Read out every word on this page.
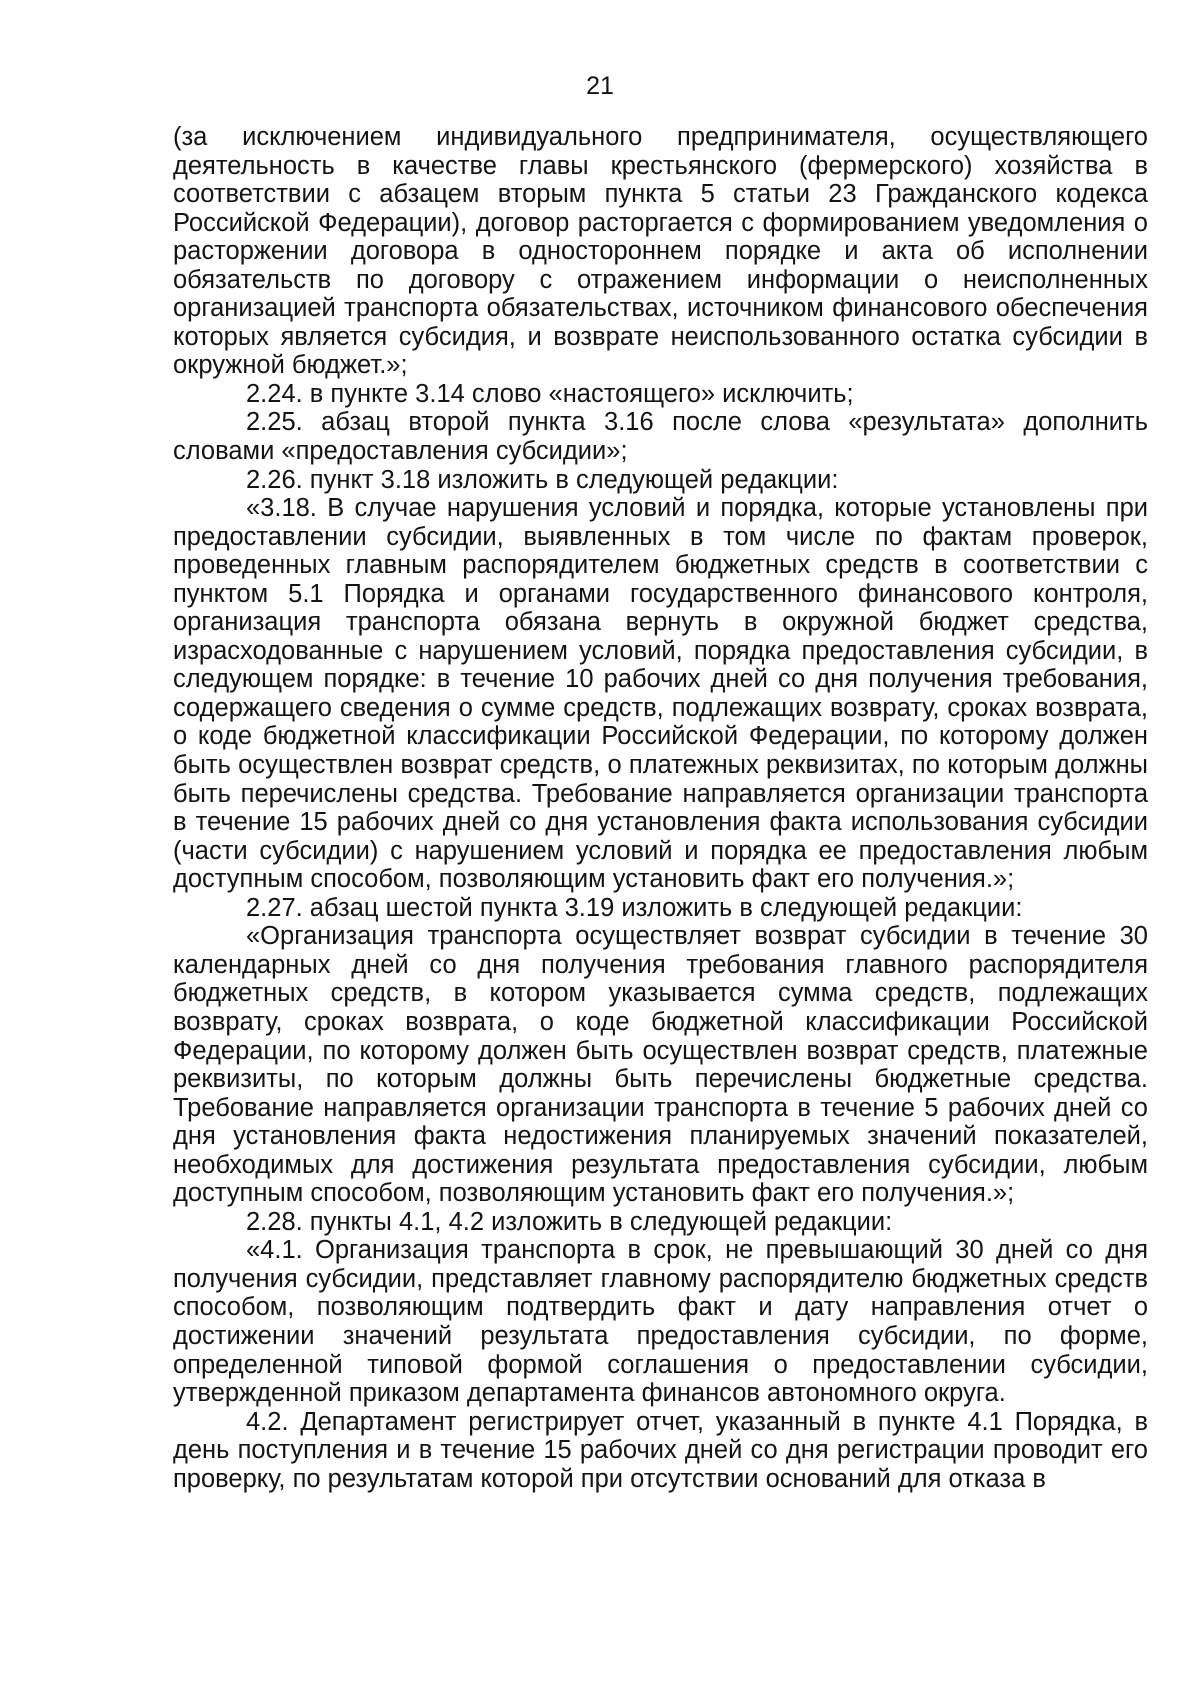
21

(за исключением индивидуального предпринимателя, осуществляющего деятельность в качестве главы крестьянского (фермерского) хозяйства в соответствии с абзацем вторым пункта 5 статьи 23 Гражданского кодекса Российской Федерации), договор расторгается с формированием уведомления о расторжении договора в одностороннем порядке и акта об исполнении обязательств по договору с отражением информации о неисполненных организацией транспорта обязательствах, источником финансового обеспечения которых является субсидия, и возврате неиспользованного остатка субсидии в окружной бюджет.»;

2.24. в пункте 3.14 слово «настоящего» исключить;

2.25. абзац второй пункта 3.16 после слова «результата» дополнить словами «предоставления субсидии»;

2.26. пункт 3.18 изложить в следующей редакции:

«3.18. В случае нарушения условий и порядка, которые установлены при предоставлении субсидии, выявленных в том числе по фактам проверок, проведенных главным распорядителем бюджетных средств в соответствии с пунктом 5.1 Порядка и органами государственного финансового контроля, организация транспорта обязана вернуть в окружной бюджет средства, израсходованные с нарушением условий, порядка предоставления субсидии, в следующем порядке: в течение 10 рабочих дней со дня получения требования, содержащего сведения о сумме средств, подлежащих возврату, сроках возврата, о коде бюджетной классификации Российской Федерации, по которому должен быть осуществлен возврат средств, о платежных реквизитах, по которым должны быть перечислены средства. Требование направляется организации транспорта в течение 15 рабочих дней со дня установления факта использования субсидии (части субсидии) с нарушением условий и порядка ее предоставления любым доступным способом, позволяющим установить факт его получения.»;

2.27. абзац шестой пункта 3.19 изложить в следующей редакции:

«Организация транспорта осуществляет возврат субсидии в течение 30 календарных дней со дня получения требования главного распорядителя бюджетных средств, в котором указывается сумма средств, подлежащих возврату, сроках возврата, о коде бюджетной классификации Российской Федерации, по которому должен быть осуществлен возврат средств, платежные реквизиты, по которым должны быть перечислены бюджетные средства. Требование направляется организации транспорта в течение 5 рабочих дней со дня установления факта недостижения планируемых значений показателей, необходимых для достижения результата предоставления субсидии, любым доступным способом, позволяющим установить факт его получения.»;

2.28. пункты 4.1, 4.2 изложить в следующей редакции:

«4.1. Организация транспорта в срок, не превышающий 30 дней со дня получения субсидии, представляет главному распорядителю бюджетных средств способом, позволяющим подтвердить факт и дату направления отчет о достижении значений результата предоставления субсидии, по форме, определенной типовой формой соглашения о предоставлении субсидии, утвержденной приказом департамента финансов автономного округа.

4.2. Департамент регистрирует отчет, указанный в пункте 4.1 Порядка, в день поступления и в течение 15 рабочих дней со дня регистрации проводит его проверку, по результатам которой при отсутствии оснований для отказа в
